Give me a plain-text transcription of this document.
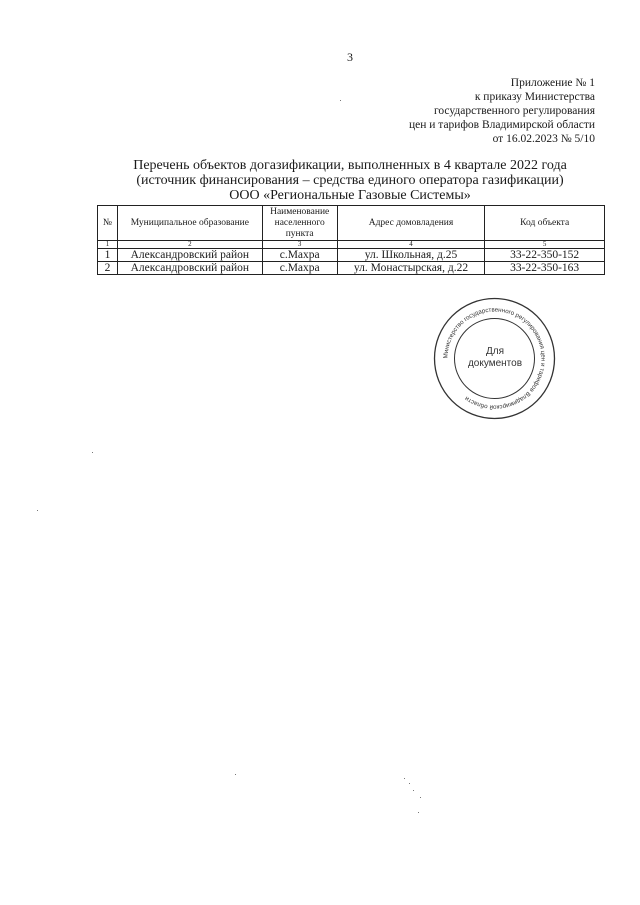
3
Приложение № 1
к приказу Министерства
государственного регулирования
цен и тарифов Владимирской области
от 16.02.2023 № 5/10
Перечень объектов догазификации, выполненных в 4 квартале 2022 года
(источник финансирования – средства единого оператора газификации)
ООО «Региональные Газовые Системы»
№	Муниципальное образование	Наименование населенного пункта	Адрес домовладения	Код объекта
1	2	3	4	5
1	Александровский район	с.Махра	ул. Школьная, д.25	33-22-350-152
2	Александровский район	с.Махра	ул. Монастырская, д.22	33-22-350-163
Министерство государственного регулирования цен и тарифов Владимирской области
Для
документов
